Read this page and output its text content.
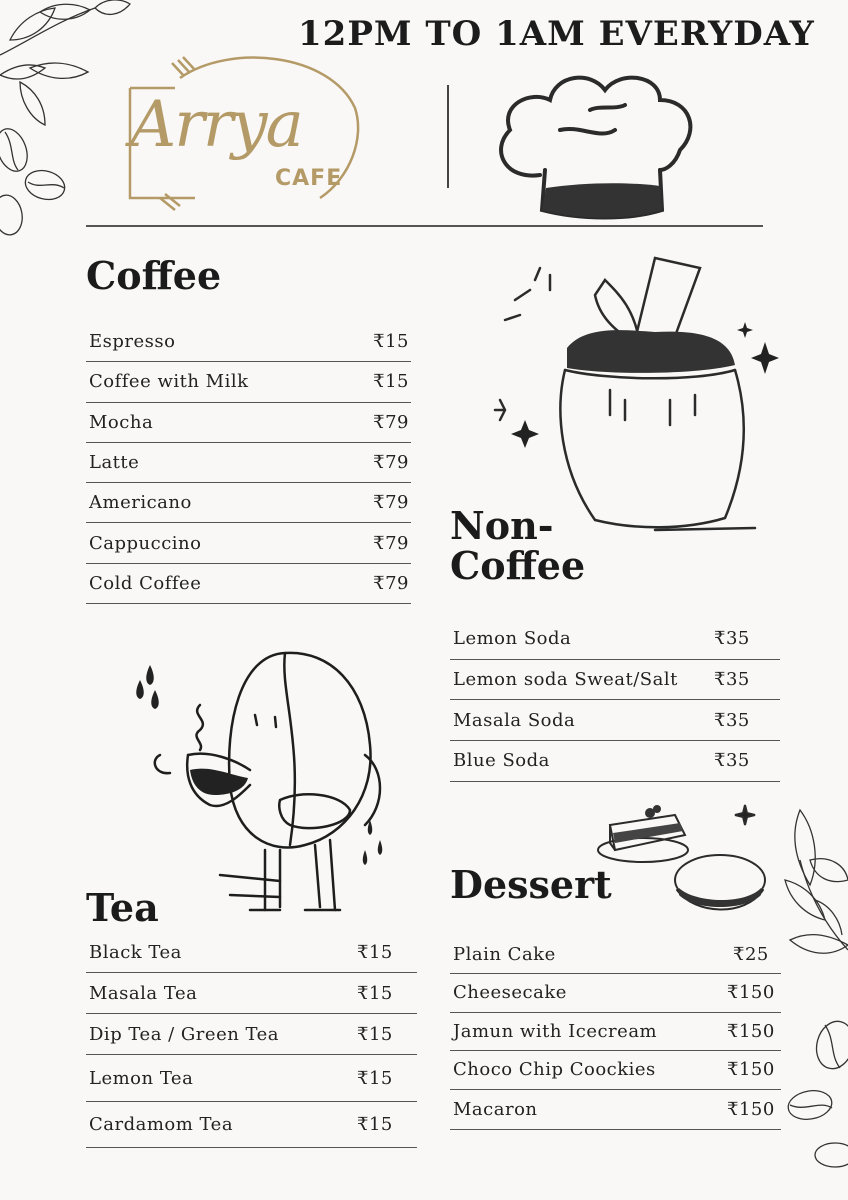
12PM TO 1AM EVERYDAY
Arrya
CAFE
Coffee
Espresso	₹15
Coffee with Milk	₹15
Mocha	₹79
Latte	₹79
Americano	₹79
Cappuccino	₹79
Cold Coffee	₹79
Non-
Coffee
Lemon Soda	₹35
Lemon soda Sweat/Salt ₹35
Masala Soda	₹35
Blue Soda	₹35
Tea
Black Tea	₹15
Masala Tea	₹15
Dip Tea / Green Tea	₹15
Lemon Tea	₹15
Cardamom Tea	₹15
Dessert
Plain Cake	₹25
Cheesecake	₹150
Jamun with Icecream	₹150
Choco Chip Coockies	₹150
Macaron	₹150
